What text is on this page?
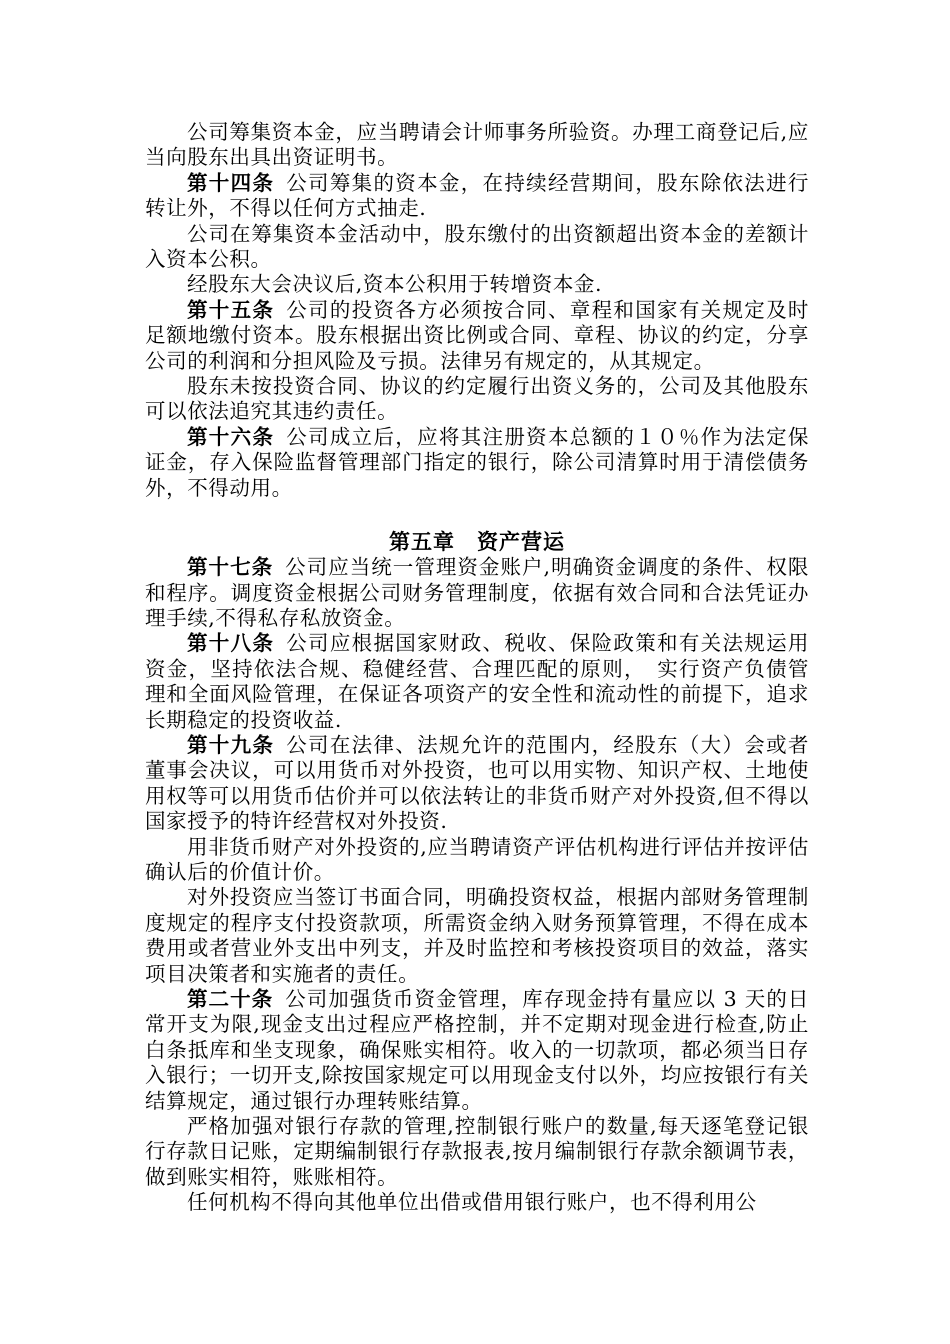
公司筹集资本金，应当聘请会计师事务所验资。办理工商登记后,应当向股东出具出资证明书。

第十四条 公司筹集的资本金，在持续经营期间，股东除依法进行转让外，不得以任何方式抽走.

公司在筹集资本金活动中，股东缴付的出资额超出资本金的差额计入资本公积。

经股东大会决议后,资本公积用于转增资本金.

第十五条 公司的投资各方必须按合同、章程和国家有关规定及时足额地缴付资本。股东根据出资比例或合同、章程、协议的约定，分享公司的利润和分担风险及亏损。法律另有规定的，从其规定。

股东未按投资合同、协议的约定履行出资义务的，公司及其他股东可以依法追究其违约责任。

第十六条 公司成立后，应将其注册资本总额的１０％作为法定保证金，存入保险监督管理部门指定的银行，除公司清算时用于清偿债务外，不得动用。

第五章　资产营运

第十七条 公司应当统一管理资金账户,明确资金调度的条件、权限和程序。调度资金根据公司财务管理制度，依据有效合同和合法凭证办理手续,不得私存私放资金。

第十八条 公司应根据国家财政、税收、保险政策和有关法规运用资金，坚持依法合规、稳健经营、合理匹配的原则，　实行资产负债管理和全面风险管理，在保证各项资产的安全性和流动性的前提下，追求长期稳定的投资收益.

第十九条 公司在法律、法规允许的范围内，经股东（大）会或者董事会决议，可以用货币对外投资，也可以用实物、知识产权、土地使用权等可以用货币估价并可以依法转让的非货币财产对外投资,但不得以国家授予的特许经营权对外投资.

用非货币财产对外投资的,应当聘请资产评估机构进行评估并按评估确认后的价值计价。

对外投资应当签订书面合同，明确投资权益，根据内部财务管理制度规定的程序支付投资款项，所需资金纳入财务预算管理，不得在成本费用或者营业外支出中列支，并及时监控和考核投资项目的效益，落实项目决策者和实施者的责任。

第二十条 公司加强货币资金管理，库存现金持有量应以 3 天的日常开支为限,现金支出过程应严格控制，并不定期对现金进行检查,防止白条抵库和坐支现象，确保账实相符。收入的一切款项，都必须当日存入银行；一切开支,除按国家规定可以用现金支付以外，均应按银行有关结算规定，通过银行办理转账结算。

严格加强对银行存款的管理,控制银行账户的数量,每天逐笔登记银行存款日记账，定期编制银行存款报表,按月编制银行存款余额调节表，做到账实相符，账账相符。

任何机构不得向其他单位出借或借用银行账户，也不得利用公
